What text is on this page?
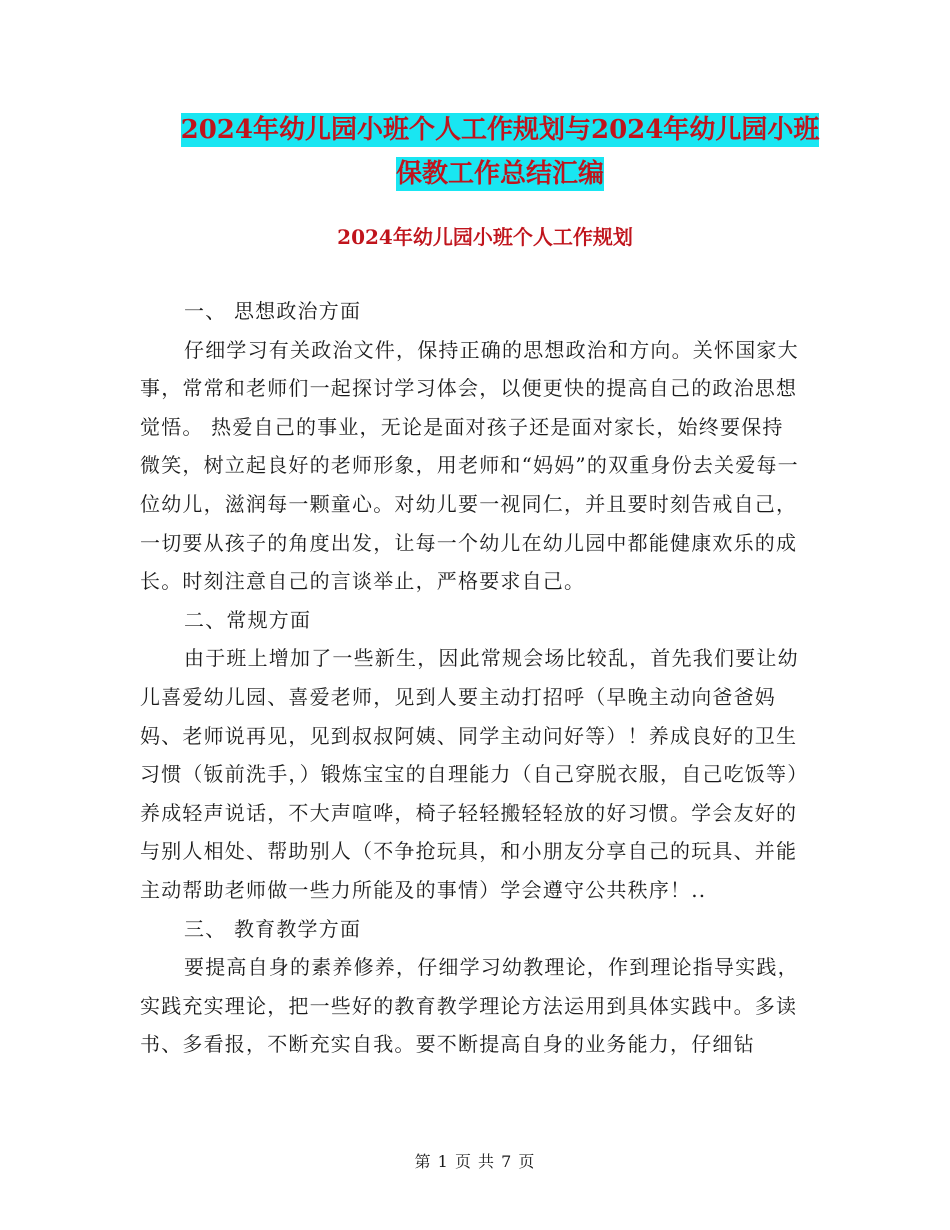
2024年幼儿园小班个人工作规划与2024年幼儿园小班
保教工作总结汇编
2024年幼儿园小班个人工作规划

一、 思想政治方面

仔细学习有关政治文件，保持正确的思想政治和方向。关怀国家大事，常常和老师们一起探讨学习体会，以便更快的提高自己的政治思想觉悟。 热爱自己的事业，无论是面对孩子还是面对家长，始终要保持微笑，树立起良好的老师形象，用老师和“妈妈”的双重身份去关爱每一位幼儿，滋润每一颗童心。对幼儿要一视同仁，并且要时刻告戒自己，一切要从孩子的角度出发，让每一个幼儿在幼儿园中都能健康欢乐的成长。时刻注意自己的言谈举止，严格要求自己。

二、常规方面

由于班上增加了一些新生，因此常规会场比较乱，首先我们要让幼儿喜爱幼儿园、喜爱老师，见到人要主动打招呼（早晚主动向爸爸妈妈、老师说再见，见到叔叔阿姨、同学主动问好等）！养成良好的卫生习惯（钣前洗手，）锻炼宝宝的自理能力（自己穿脱衣服，自己吃饭等）养成轻声说话，不大声喧哗，椅子轻轻搬轻轻放的好习惯。学会友好的与别人相处、帮助别人（不争抢玩具，和小朋友分享自己的玩具、并能主动帮助老师做一些力所能及的事情）学会遵守公共秩序！..

三、 教育教学方面

要提高自身的素养修养，仔细学习幼教理论，作到理论指导实践，实践充实理论，把一些好的教育教学理论方法运用到具体实践中。多读书、多看报，不断充实自我。要不断提高自身的业务能力，仔细钻

第 1 页 共 7 页
